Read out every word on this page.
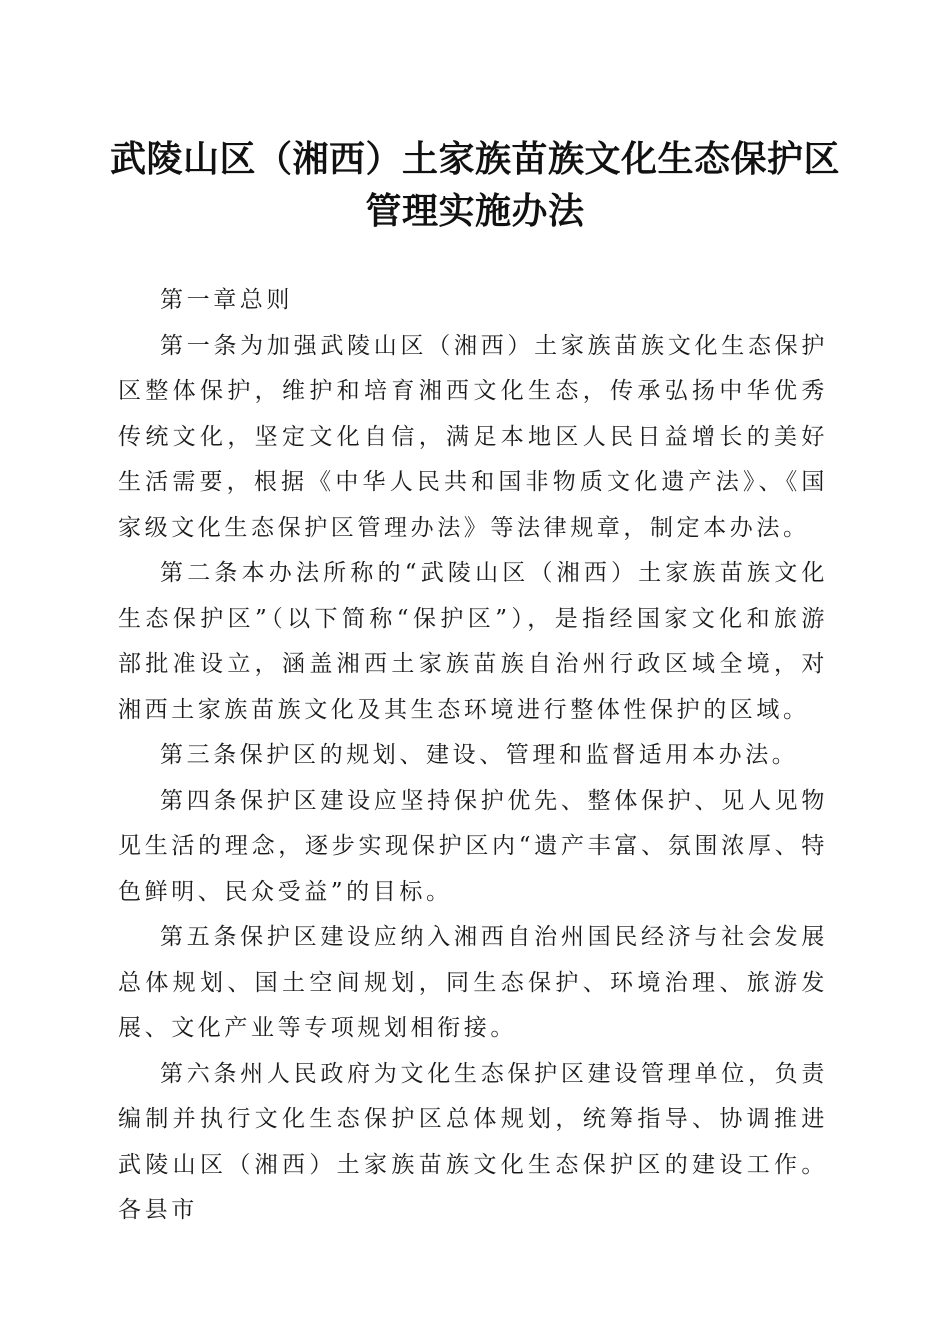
武陵山区（湘西）土家族苗族文化生态保护区
管理实施办法

第一章总则

第一条为加强武陵山区（湘西）土家族苗族文化生态保护区整体保护，维护和培育湘西文化生态，传承弘扬中华优秀传统文化，坚定文化自信，满足本地区人民日益增长的美好生活需要，根据《中华人民共和国非物质文化遗产法》、《国家级文化生态保护区管理办法》等法律规章，制定本办法。

第二条本办法所称的“武陵山区（湘西）土家族苗族文化生态保护区”（以下简称“保护区”），是指经国家文化和旅游部批准设立，涵盖湘西土家族苗族自治州行政区域全境，对湘西土家族苗族文化及其生态环境进行整体性保护的区域。

第三条保护区的规划、建设、管理和监督适用本办法。

第四条保护区建设应坚持保护优先、整体保护、见人见物见生活的理念，逐步实现保护区内“遗产丰富、氛围浓厚、特色鲜明、民众受益”的目标。

第五条保护区建设应纳入湘西自治州国民经济与社会发展总体规划、国土空间规划，同生态保护、环境治理、旅游发展、文化产业等专项规划相衔接。

第六条州人民政府为文化生态保护区建设管理单位，负责编制并执行文化生态保护区总体规划，统筹指导、协调推进武陵山区（湘西）土家族苗族文化生态保护区的建设工作。各县市
